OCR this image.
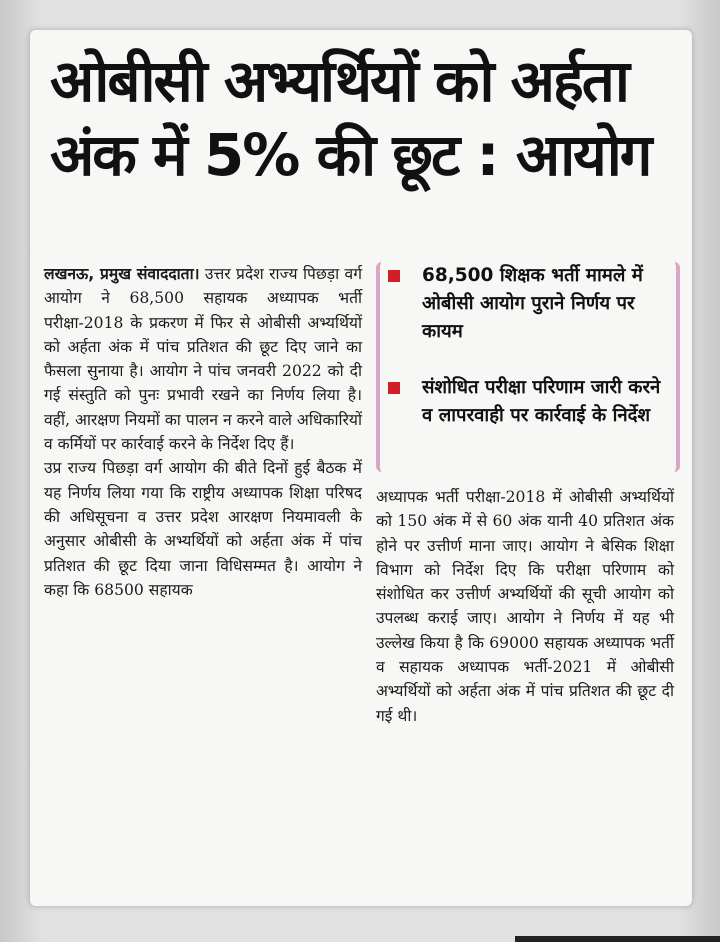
ओबीसी अभ्यर्थियों को अर्हता
अंक में 5% की छूट : आयोग

लखनऊ, प्रमुख संवाददाता। उत्तर प्रदेश राज्य पिछड़ा वर्ग आयोग ने 68,500 सहायक अध्यापक भर्ती परीक्षा-2018 के प्रकरण में फिर से ओबीसी अभ्यर्थियों को अर्हता अंक में पांच प्रतिशत की छूट दिए जाने का फैसला सुनाया है। आयोग ने पांच जनवरी 2022 को दी गई संस्तुति को पुनः प्रभावी रखने का निर्णय लिया है। वहीं, आरक्षण नियमों का पालन न करने वाले अधिकारियों व कर्मियों पर कार्रवाई करने के निर्देश दिए हैं।

उप्र राज्य पिछड़ा वर्ग आयोग की बीते दिनों हुई बैठक में यह निर्णय लिया गया कि राष्ट्रीय अध्यापक शिक्षा परिषद की अधिसूचना व उत्तर प्रदेश आरक्षण नियमावली के अनुसार ओबीसी के अभ्यर्थियों को अर्हता अंक में पांच प्रतिशत की छूट दिया जाना विधिसम्मत है। आयोग ने कहा कि 68500 सहायक

68,500 शिक्षक भर्ती मामले में ओबीसी आयोग पुराने निर्णय पर कायम
संशोधित परीक्षा परिणाम जारी करने व लापरवाही पर कार्रवाई के निर्देश

अध्यापक भर्ती परीक्षा-2018 में ओबीसी अभ्यर्थियों को 150 अंक में से 60 अंक यानी 40 प्रतिशत अंक होने पर उत्तीर्ण माना जाए। आयोग ने बेसिक शिक्षा विभाग को निर्देश दिए कि परीक्षा परिणाम को संशोधित कर उत्तीर्ण अभ्यर्थियों की सूची आयोग को उपलब्ध कराई जाए। आयोग ने निर्णय में यह भी उल्लेख किया है कि 69000 सहायक अध्यापक भर्ती व सहायक अध्यापक भर्ती-2021 में ओबीसी अभ्यर्थियों को अर्हता अंक में पांच प्रतिशत की छूट दी गई थी।
